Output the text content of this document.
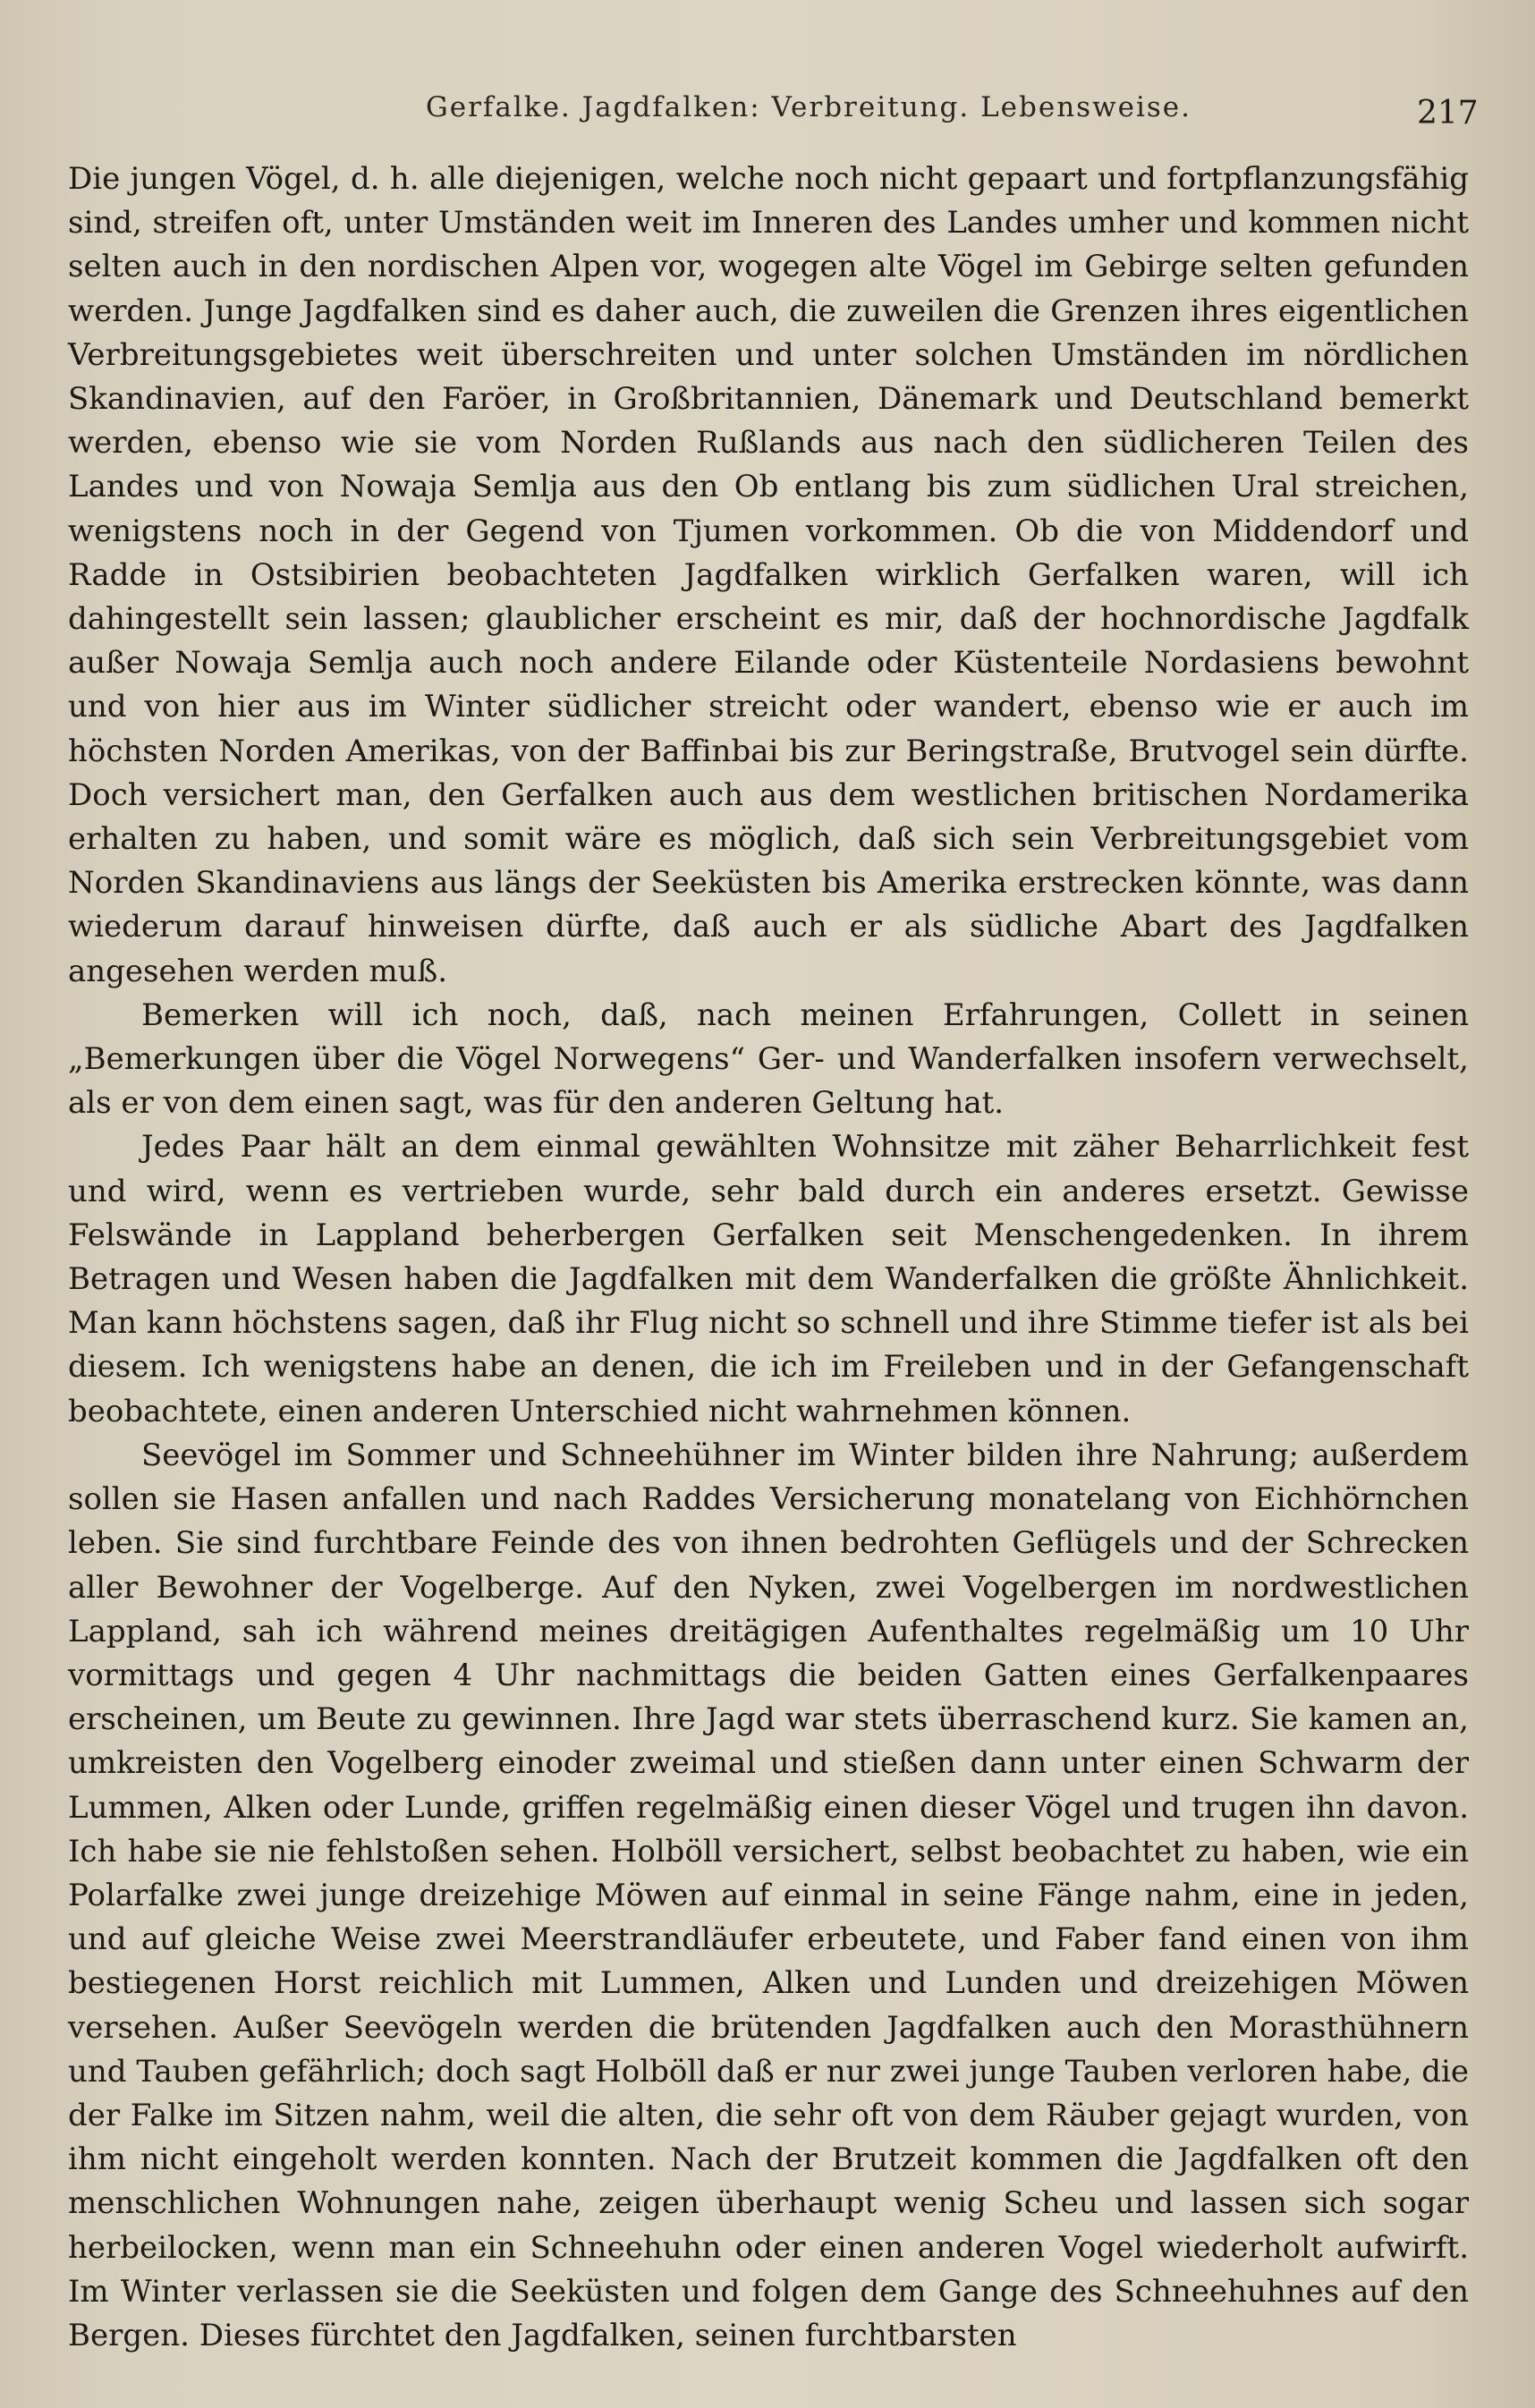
Gerfalke. Jagdfalken: Verbreitung. Lebensweise.	217

Die jungen Vögel, d. h. alle diejenigen, welche noch nicht gepaart und fortpflanzungsfähig sind, streifen oft, unter Umständen weit im Inneren des Landes umher und kommen nicht selten auch in den nordischen Alpen vor, wogegen alte Vögel im Gebirge selten gefunden werden. Junge Jagdfalken sind es daher auch, die zuweilen die Grenzen ihres eigentlichen Verbreitungsgebietes weit überschreiten und unter solchen Umständen im nördlichen Skandinavien, auf den Faröer, in Großbritannien, Dänemark und Deutschland bemerkt werden, ebenso wie sie vom Norden Rußlands aus nach den südlicheren Teilen des Landes und von Nowaja Semlja aus den Ob entlang bis zum südlichen Ural streichen, wenigstens noch in der Gegend von Tjumen vorkommen. Ob die von Middendorf und Radde in Ostsibirien beobachteten Jagdfalken wirklich Gerfalken waren, will ich dahingestellt sein lassen; glaublicher erscheint es mir, daß der hochnordische Jagdfalk außer Nowaja Semlja auch noch andere Eilande oder Küstenteile Nordasiens bewohnt und von hier aus im Winter südlicher streicht oder wandert, ebenso wie er auch im höchsten Norden Amerikas, von der Baffinbai bis zur Beringstraße, Brutvogel sein dürfte. Doch versichert man, den Gerfalken auch aus dem westlichen britischen Nordamerika erhalten zu haben, und somit wäre es möglich, daß sich sein Verbreitungsgebiet vom Norden Skandinaviens aus längs der Seeküsten bis Amerika erstrecken könnte, was dann wiederum darauf hinweisen dürfte, daß auch er als südliche Abart des Jagdfalken angesehen werden muß.

Bemerken will ich noch, daß, nach meinen Erfahrungen, Collett in seinen „Bemerkungen über die Vögel Norwegens“ Ger- und Wanderfalken insofern verwechselt, als er von dem einen sagt, was für den anderen Geltung hat.

Jedes Paar hält an dem einmal gewählten Wohnsitze mit zäher Beharrlichkeit fest und wird, wenn es vertrieben wurde, sehr bald durch ein anderes ersetzt. Gewisse Felswände in Lappland beherbergen Gerfalken seit Menschengedenken. In ihrem Betragen und Wesen haben die Jagdfalken mit dem Wanderfalken die größte Ähnlichkeit. Man kann höchstens sagen, daß ihr Flug nicht so schnell und ihre Stimme tiefer ist als bei diesem. Ich wenigstens habe an denen, die ich im Freileben und in der Gefangenschaft beobachtete, einen anderen Unterschied nicht wahrnehmen können.

Seevögel im Sommer und Schneehühner im Winter bilden ihre Nahrung; außerdem sollen sie Hasen anfallen und nach Raddes Versicherung monatelang von Eichhörnchen leben. Sie sind furchtbare Feinde des von ihnen bedrohten Geflügels und der Schrecken aller Bewohner der Vogelberge. Auf den Nyken, zwei Vogelbergen im nordwestlichen Lappland, sah ich während meines dreitägigen Aufenthaltes regelmäßig um 10 Uhr vormittags und gegen 4 Uhr nachmittags die beiden Gatten eines Gerfalkenpaares erscheinen, um Beute zu gewinnen. Ihre Jagd war stets überraschend kurz. Sie kamen an, umkreisten den Vogelberg einoder zweimal und stießen dann unter einen Schwarm der Lummen, Alken oder Lunde, griffen regelmäßig einen dieser Vögel und trugen ihn davon. Ich habe sie nie fehlstoßen sehen. Holböll versichert, selbst beobachtet zu haben, wie ein Polarfalke zwei junge dreizehige Möwen auf einmal in seine Fänge nahm, eine in jeden, und auf gleiche Weise zwei Meerstrandläufer erbeutete, und Faber fand einen von ihm bestiegenen Horst reichlich mit Lummen, Alken und Lunden und dreizehigen Möwen versehen. Außer Seevögeln werden die brütenden Jagdfalken auch den Morasthühnern und Tauben gefährlich; doch sagt Holböll daß er nur zwei junge Tauben verloren habe, die der Falke im Sitzen nahm, weil die alten, die sehr oft von dem Räuber gejagt wurden, von ihm nicht eingeholt werden konnten. Nach der Brutzeit kommen die Jagdfalken oft den menschlichen Wohnungen nahe, zeigen überhaupt wenig Scheu und lassen sich sogar herbeilocken, wenn man ein Schneehuhn oder einen anderen Vogel wiederholt aufwirft. Im Winter verlassen sie die Seeküsten und folgen dem Gange des Schneehuhnes auf den Bergen. Dieses fürchtet den Jagdfalken, seinen furchtbarsten
